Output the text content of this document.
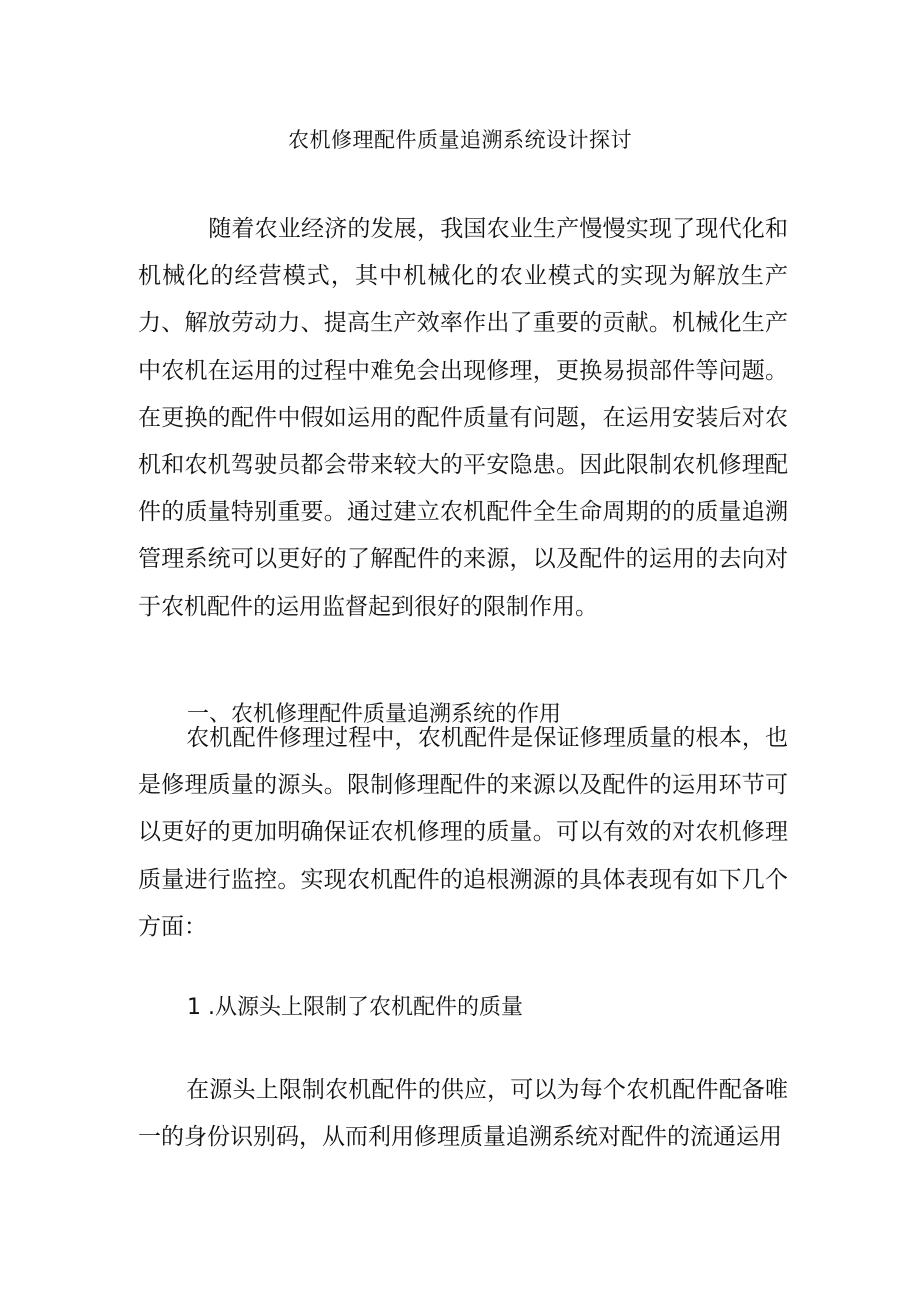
农机修理配件质量追溯系统设计探讨
随着农业经济的发展，我国农业生产慢慢实现了现代化和机械化的经营模式，其中机械化的农业模式的实现为解放生产力、解放劳动力、提高生产效率作出了重要的贡献。机械化生产中农机在运用的过程中难免会出现修理，更换易损部件等问题。在更换的配件中假如运用的配件质量有问题，在运用安装后对农机和农机驾驶员都会带来较大的平安隐患。因此限制农机修理配件的质量特别重要。通过建立农机配件全生命周期的的质量追溯管理系统可以更好的了解配件的来源，以及配件的运用的去向对于农机配件的运用监督起到很好的限制作用。
一、农机修理配件质量追溯系统的作用
农机配件修理过程中，农机配件是保证修理质量的根本，也是修理质量的源头。限制修理配件的来源以及配件的运用环节可以更好的更加明确保证农机修理的质量。可以有效的对农机修理质量进行监控。实现农机配件的追根溯源的具体表现有如下几个方面：
1 .从源头上限制了农机配件的质量
在源头上限制农机配件的供应，可以为每个农机配件配备唯一的身份识别码，从而利用修理质量追溯系统对配件的流通运用
